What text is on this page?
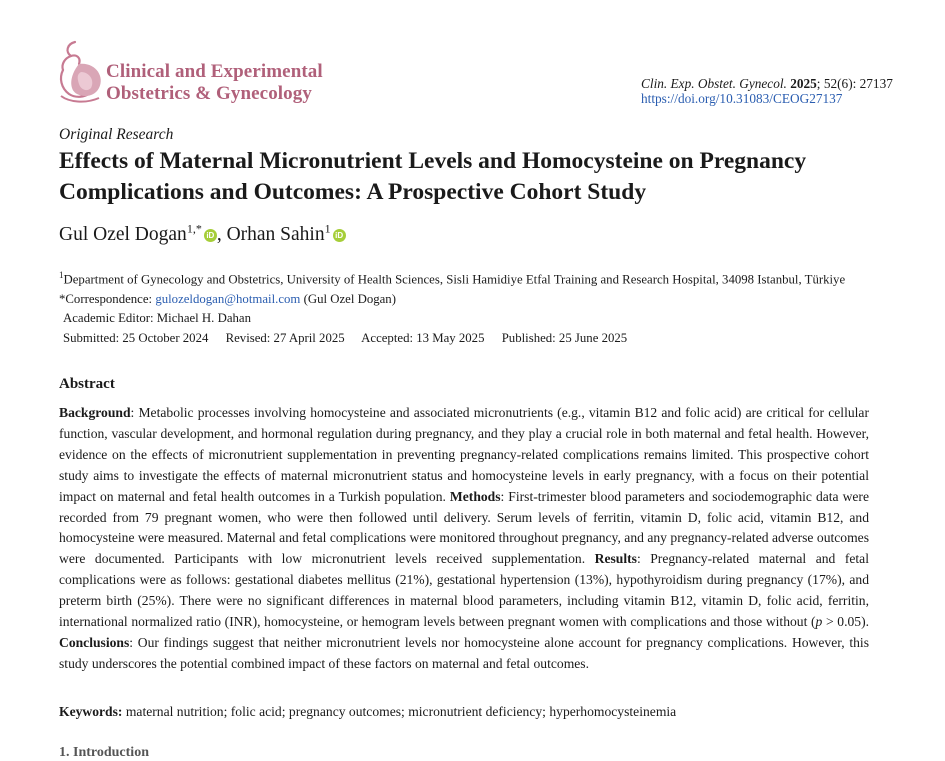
Clinical and Experimental
Obstetrics & Gynecology	Clin. Exp. Obstet. Gynecol. 2025; 52(6): 27137
https://doi.org/10.31083/CEOG27137
Original Research
Effects of Maternal Micronutrient Levels and Homocysteine on Pregnancy Complications and Outcomes: A Prospective Cohort Study
Gul Ozel Dogan$^{1,*}$ iD , Orhan Sahin$^1$ iD

$^1$Department of Gynecology and Obstetrics, University of Health Sciences, Sisli Hamidiye Etfal Training and Research Hospital, 34098 Istanbul, Türkiye

*Correspondence: gulozeldogan@hotmail.com (Gul Ozel Dogan)

Academic Editor: Michael H. Dahan

Submitted: 25 October 2024 Revised: 27 April 2025 Accepted: 13 May 2025 Published: 25 June 2025

Abstract

Background: Metabolic processes involving homocysteine and associated micronutrients (e.g., vitamin B12 and folic acid) are critical for cellular function, vascular development, and hormonal regulation during pregnancy, and they play a crucial role in both maternal and fetal health. However, evidence on the effects of micronutrient supplementation in preventing pregnancy-related complications remains limited. This prospective cohort study aims to investigate the effects of maternal micronutrient status and homocysteine levels in early pregnancy, with a focus on their potential impact on maternal and fetal health outcomes in a Turkish population. Methods: First-trimester blood parameters and sociodemographic data were recorded from 79 pregnant women, who were then followed until delivery. Serum levels of ferritin, vitamin D, folic acid, vitamin B12, and homocysteine were measured. Maternal and fetal complications were monitored throughout pregnancy, and any pregnancy-related adverse outcomes were documented. Participants with low micronutrient levels received supplementation. Results: Pregnancy-related maternal and fetal complications were as follows: gestational diabetes mellitus (21%), gestational hypertension (13%), hypothyroidism during pregnancy (17%), and preterm birth (25%). There were no significant differences in maternal blood parameters, including vitamin B12, vitamin D, folic acid, ferritin, international normalized ratio (INR), homocysteine, or hemogram levels between pregnant women with complications and those without (p > 0.05). Conclusions: Our findings suggest that neither micronutrient levels nor homocysteine alone account for pregnancy complications. However, this study underscores the potential combined impact of these factors on maternal and fetal outcomes.

Keywords: maternal nutrition; folic acid; pregnancy outcomes; micronutrient deficiency; hyperhomocysteinemia
1. Introduction
